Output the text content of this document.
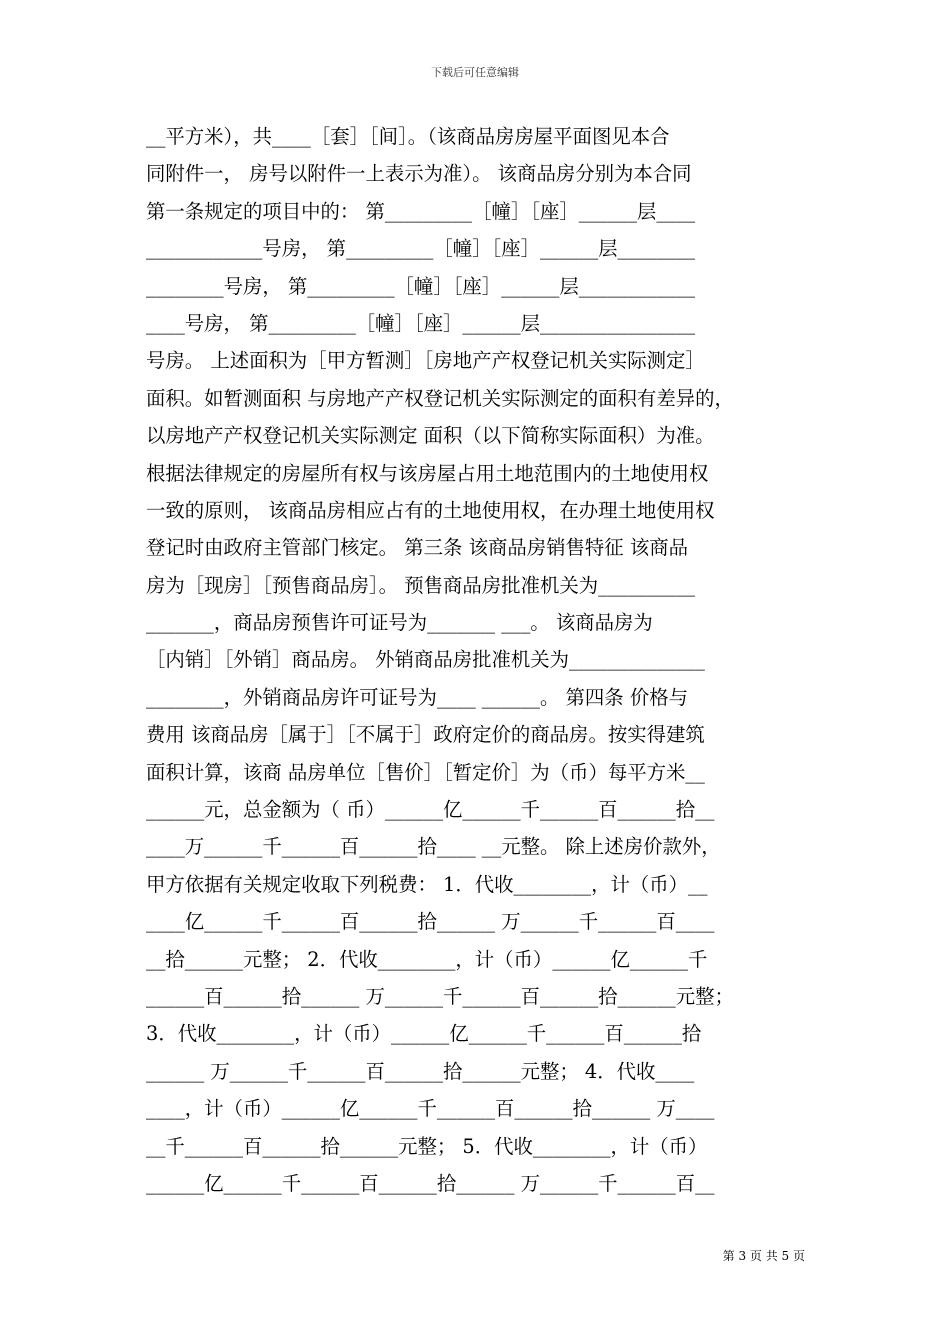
下载后可任意编辑
__平方米），共____［套］［间］。（该商品房房屋平面图见本合
同附件一， 房号以附件一上表示为准）。 该商品房分别为本合同
第一条规定的项目中的： 第_________［幢］［座］______层____
____________号房， 第_________［幢］［座］______层________
________号房， 第_________［幢］［座］______层____________
____号房， 第_________［幢］［座］______层________________
号房。 上述面积为［甲方暂测］［房地产产权登记机关实际测定］
面积。如暂测面积 与房地产产权登记机关实际测定的面积有差异的，
以房地产产权登记机关实际测定 面积（以下简称实际面积）为准。
根据法律规定的房屋所有权与该房屋占用土地范围内的土地使用权
一致的原则， 该商品房相应占有的土地使用权，在办理土地使用权
登记时由政府主管部门核定。 第三条 该商品房销售特征 该商品
房为［现房］［预售商品房］。 预售商品房批准机关为__________
_______，商品房预售许可证号为_______ ___。 该商品房为
［内销］［外销］商品房。 外销商品房批准机关为______________
________，外销商品房许可证号为____ ______。 第四条 价格与
费用 该商品房［属于］［不属于］政府定价的商品房。按实得建筑
面积计算，该商 品房单位［售价］［暂定价］为（币）每平方米__
______元，总金额为（ 币）______亿______千______百______拾__
____万______千______百______拾____ __元整。 除上述房价款外，
甲方依据有关规定收取下列税费： 1．代收________，计（币）__
____亿______千______百______拾______ 万______千______百____
__拾______元整； 2．代收________，计（币）______亿______千
______百______拾______ 万______千______百______拾______元整；
3．代收________，计（币）______亿______千______百______拾
______ 万______千______百______拾______元整； 4．代收____
____，计（币）______亿______千______百______拾______ 万____
__千______百______拾______元整； 5．代收________，计（币）
______亿______千______百______拾______ 万______千______百__
第 3 页 共 5 页
